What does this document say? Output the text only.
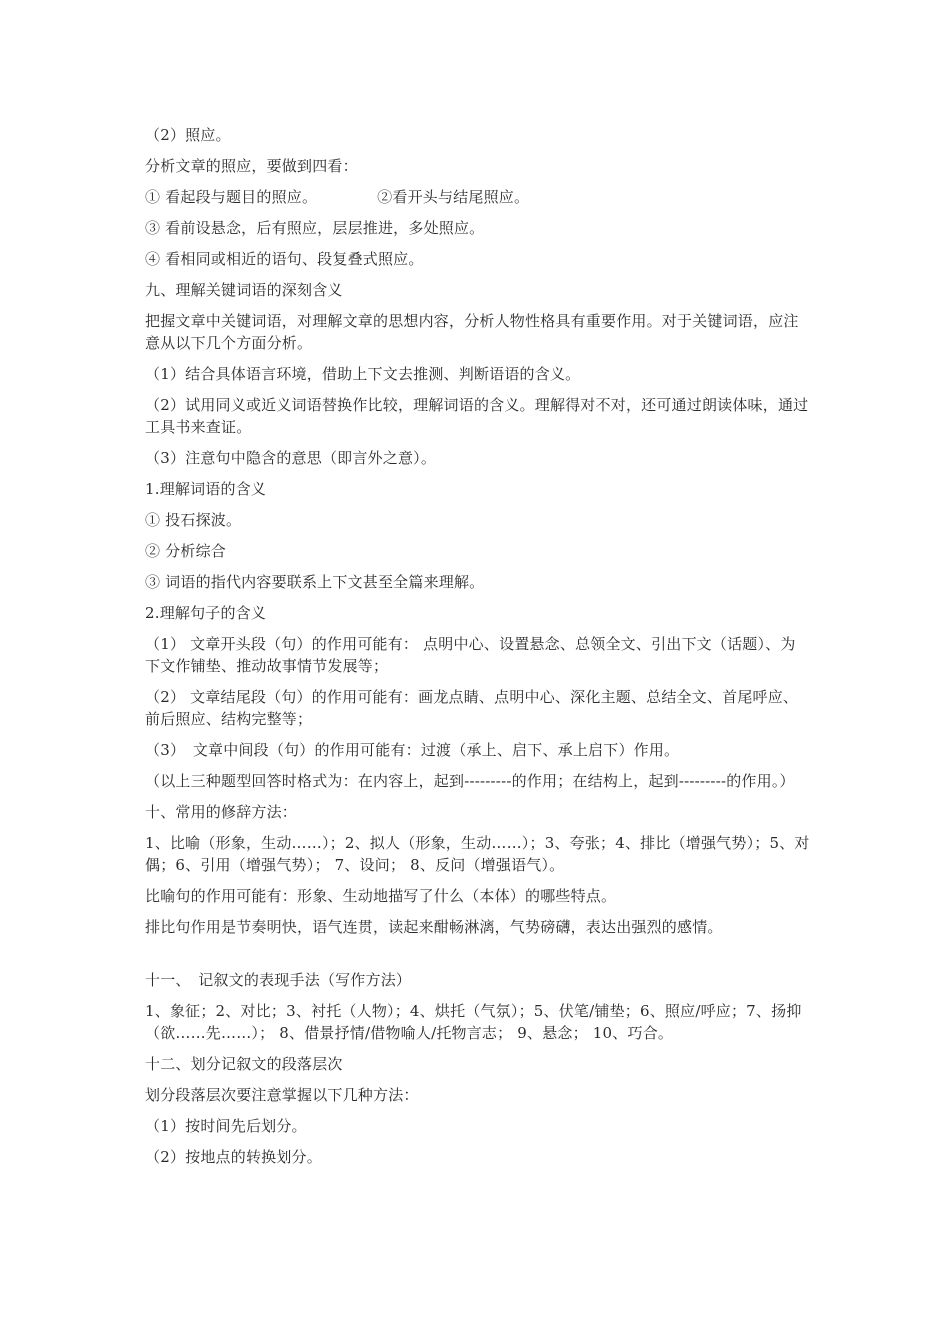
（2）照应。
分析文章的照应，要做到四看：
① 看起段与题目的照应。	②看开头与结尾照应。
③ 看前设悬念，后有照应，层层推进，多处照应。
④ 看相同或相近的语句、段复叠式照应。
九、理解关键词语的深刻含义
把握文章中关键词语，对理解文章的思想内容，分析人物性格具有重要作用。对于关键词语，应注意从以下几个方面分析。
（1）结合具体语言环境，借助上下文去推测、判断语语的含义。
（2）试用同义或近义词语替换作比较，理解词语的含义。理解得对不对，还可通过朗读体味，通过工具书来查证。
（3）注意句中隐含的意思（即言外之意）。
1.理解词语的含义
① 投石探波。
② 分析综合
③ 词语的指代内容要联系上下文甚至全篇来理解。
2.理解句子的含义
（1） 文章开头段（句）的作用可能有： 点明中心、设置悬念、总领全文、引出下文（话题）、为下文作铺垫、推动故事情节发展等；
（2） 文章结尾段（句）的作用可能有：画龙点睛、点明中心、深化主题、总结全文、首尾呼应、前后照应、结构完整等；
（3）　文章中间段（句）的作用可能有：过渡（承上、启下、承上启下）作用。
（以上三种题型回答时格式为：在内容上，起到---------的作用；在结构上，起到---------的作用。）
十、常用的修辞方法：
1、比喻（形象，生动……）；2、拟人（形象，生动……）；3、夸张；4、排比（增强气势）；5、对偶；6、引用（增强气势）； 7、设问； 8、反问（增强语气）。
比喻句的作用可能有：形象、生动地描写了什么（本体）的哪些特点。
排比句作用是节奏明快，语气连贯，读起来酣畅淋漓，气势磅礴，表达出强烈的感情。
十一、　记叙文的表现手法（写作方法）
1、象征；2、对比；3、衬托（人物）；4、烘托（气氛）；5、伏笔/铺垫；6、照应/呼应；7、扬抑（欲……先……）； 8、借景抒情/借物喻人/托物言志； 9、悬念； 10、巧合。
十二、划分记叙文的段落层次
划分段落层次要注意掌握以下几种方法：
（1）按时间先后划分。
（2）按地点的转换划分。
